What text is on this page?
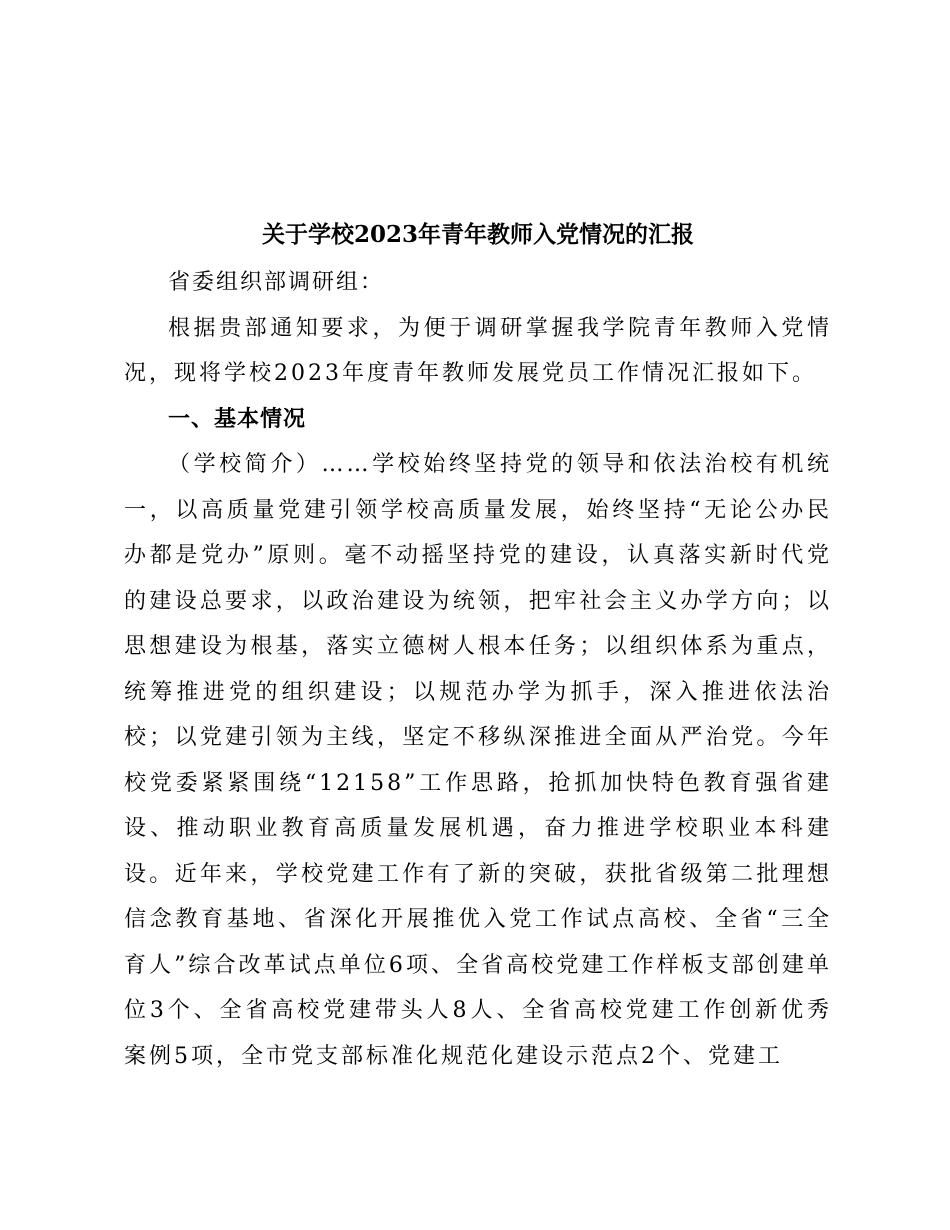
关于学校2023年青年教师入党情况的汇报

省委组织部调研组：

根据贵部通知要求，为便于调研掌握我学院青年教师入党情况，现将学校2023年度青年教师发展党员工作情况汇报如下。

一、基本情况

（学校简介）……学校始终坚持党的领导和依法治校有机统一，以高质量党建引领学校高质量发展，始终坚持“无论公办民办都是党办”原则。毫不动摇坚持党的建设，认真落实新时代党的建设总要求，以政治建设为统领，把牢社会主义办学方向；以思想建设为根基，落实立德树人根本任务；以组织体系为重点，统筹推进党的组织建设；以规范办学为抓手，深入推进依法治校；以党建引领为主线，坚定不移纵深推进全面从严治党。今年校党委紧紧围绕“12158”工作思路，抢抓加快特色教育强省建设、推动职业教育高质量发展机遇，奋力推进学校职业本科建设。近年来，学校党建工作有了新的突破，获批省级第二批理想信念教育基地、省深化开展推优入党工作试点高校、全省“三全育人”综合改革试点单位6项、全省高校党建工作样板支部创建单位3个、全省高校党建带头人8人、全省高校党建工作创新优秀案例5项，全市党支部标准化规范化建设示范点2个、党建工
